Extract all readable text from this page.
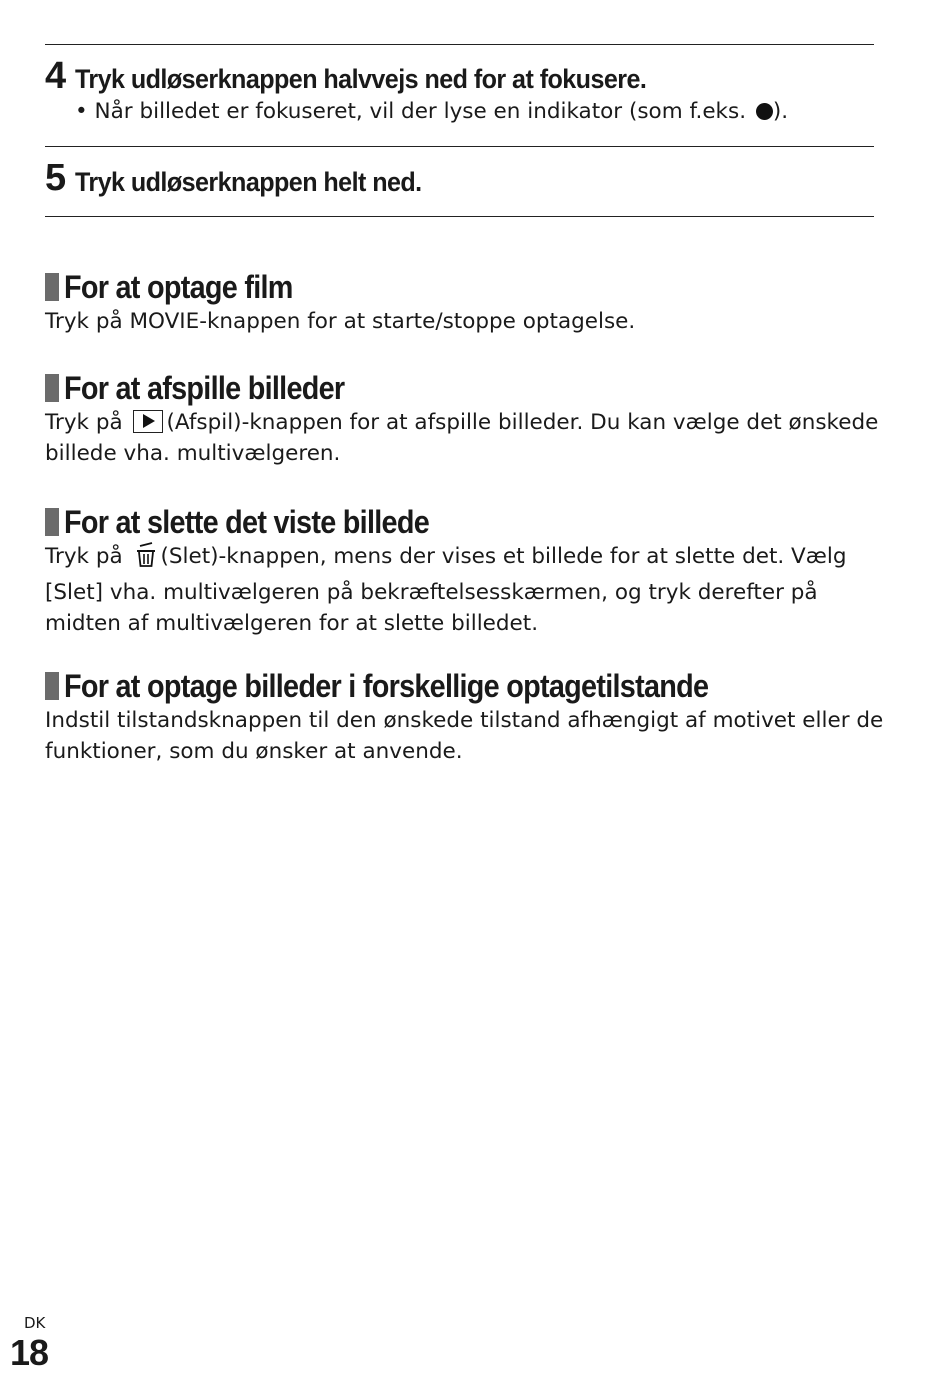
4 Tryk udløserknappen halvvejs ned for at fokusere.
• Når billedet er fokuseret, vil der lyse en indikator (som f.eks. ).
5 Tryk udløserknappen helt ned.
For at optage film
Tryk på MOVIE-knappen for at starte/stoppe optagelse.
For at afspille billeder
Tryk på (Afspil)-knappen for at afspille billeder. Du kan vælge det ønskede billede vha. multivælgeren.
For at slette det viste billede
Tryk på (Slet)-knappen, mens der vises et billede for at slette det. Vælg [Slet] vha. multivælgeren på bekræftelsesskærmen, og tryk derefter på midten af multivælgeren for at slette billedet.
For at optage billeder i forskellige optagetilstande
Indstil tilstandsknappen til den ønskede tilstand afhængigt af motivet eller de funktioner, som du ønsker at anvende.
DK
18
